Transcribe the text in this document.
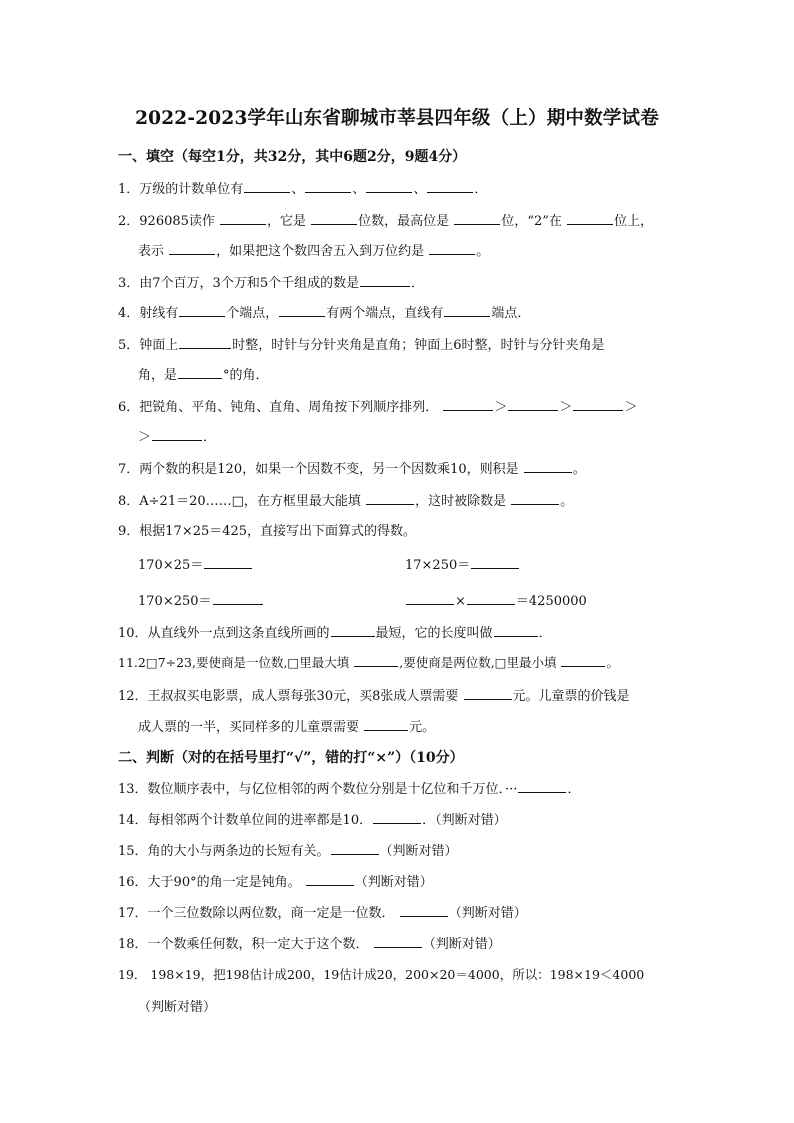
2022-2023学年山东省聊城市莘县四年级（上）期中数学试卷
一、填空（每空1分，共32分，其中6题2分，9题4分）
1．万级的计数单位有	、	、	、	．
2．926085读作	，它是	位数，最高位是	位，“2”在	位上，
表示	，如果把这个数四舍五入到万位约是	。
3．由7个百万，3个万和5个千组成的数是	．
4．射线有	个端点，	有两个端点，直线有	端点．
5．钟面上	时整，时针与分针夹角是直角；钟面上6时整，时针与分针夹角是
角，是	°的角．
6．把锐角、平角、钝角、直角、周角按下列顺序排列．	＞	＞	＞
＞	．
7．两个数的积是120，如果一个因数不变，另一个因数乘10，则积是	。
8．A÷21＝20……□，在方框里最大能填	，这时被除数是	。
9．根据17×25＝425，直接写出下面算式的得数。
170×25＝	17×250＝
170×250＝	×	＝4250000
10．从直线外一点到这条直线所画的	最短，它的长度叫做	．
11.2□7÷23,要使商是一位数,□里最大填	,要使商是两位数,□里最小填	。
12．王叔叔买电影票，成人票每张30元，买8张成人票需要	元。儿童票的价钱是
成人票的一半，买同样多的儿童票需要	元。
二、判断（对的在括号里打“√”，错的打“×”）（10分）
13．数位顺序表中，与亿位相邻的两个数位分别是十亿位和千万位．···	．
14．每相邻两个计数单位间的进率都是10．	．（判断对错）
15．角的大小与两条边的长短有关。	（判断对错）
16．大于90°的角一定是钝角。	（判断对错）
17．一个三位数除以两位数，商一定是一位数．	（判断对错）
18．一个数乘任何数，积一定大于这个数．	（判断对错）
19． 198×19，把198估计成200，19估计成20，200×20＝4000，所以：198×19＜4000
（判断对错）
